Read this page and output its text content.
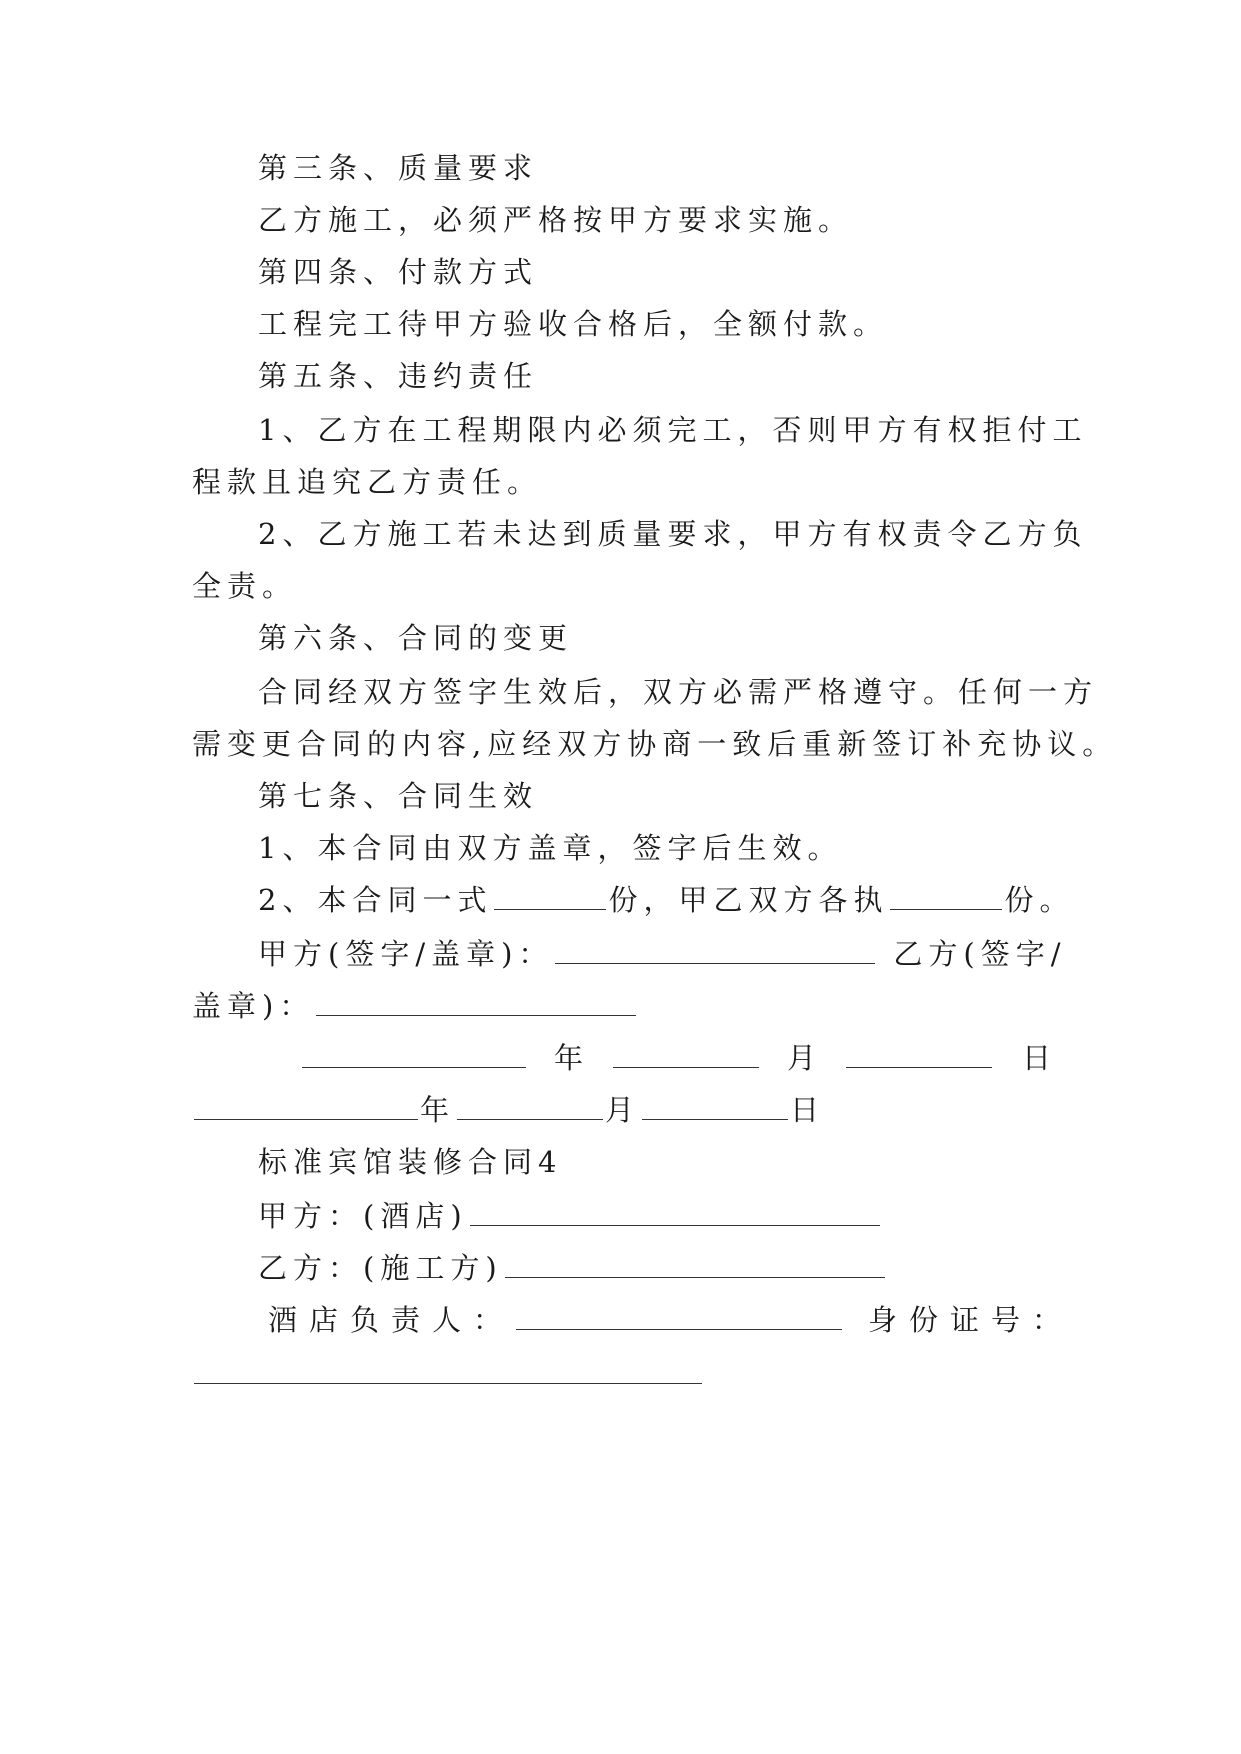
第三条、质量要求
乙方施工，必须严格按甲方要求实施。
第四条、付款方式
工程完工待甲方验收合格后，全额付款。
第五条、违约责任
1、乙方在工程期限内必须完工，否则甲方有权拒付工
程款且追究乙方责任。
2、乙方施工若未达到质量要求，甲方有权责令乙方负
全责。
第六条、合同的变更
合同经双方签字生效后，双方必需严格遵守。任何一方
需变更合同的内容,应经双方协商一致后重新签订补充协议。
第七条、合同生效
1、本合同由双方盖章，签字后生效。
2、本合同一式	份，甲乙双方各执	份。
甲方(签字/盖章)：	乙方(签字/
盖章)：
年	月	日
年	月	日
标准宾馆装修合同4
甲方：(酒店)
乙方：(施工方)
酒店负责人：	身份证号：
